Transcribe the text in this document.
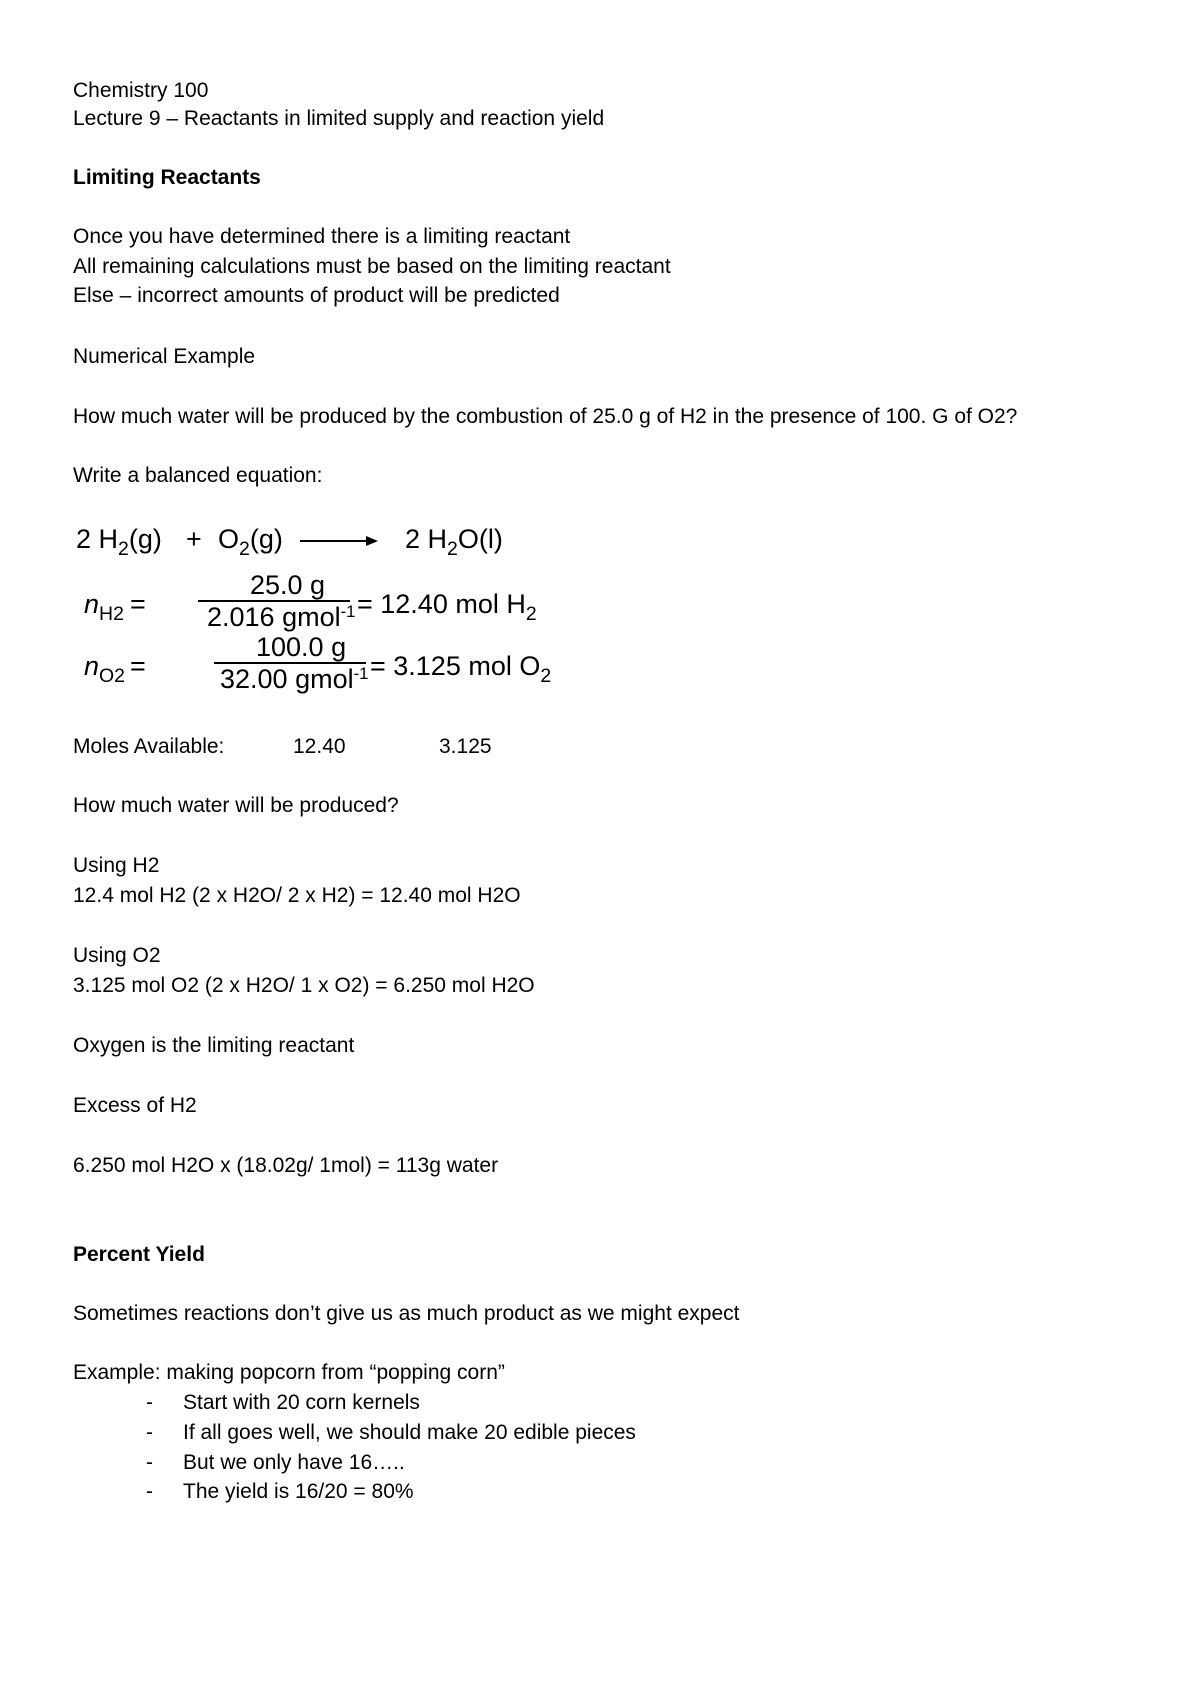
Chemistry 100
Lecture 9 – Reactants in limited supply and reaction yield
Limiting Reactants
Once you have determined there is a limiting reactant
All remaining calculations must be based on the limiting reactant
Else – incorrect amounts of product will be predicted
Numerical Example
How much water will be produced by the combustion of 25.0 g of H2 in the presence of 100. G of O2?
Write a balanced equation:
2 $H_2(g) + O_2(g)$	2 $H_2O(l)$
$n_{H2}$ =
25.0 g
2.016 gmol$^{-1}$ = 12.40 mol $H_2$
$n_{O2}$ =
100.0 g
32.00 gmol$^{-1}$ = 3.125 mol $O_2$
Moles Available:	12.40	3.125
How much water will be produced?
Using H2
12.4 mol H2 (2 x H2O/ 2 x H2) = 12.40 mol H2O
Using O2
3.125 mol O2 (2 x H2O/ 1 x O2) = 6.250 mol H2O
Oxygen is the limiting reactant
Excess of H2
6.250 mol H2O x (18.02g/ 1mol) = 113g water
Percent Yield
Sometimes reactions don’t give us as much product as we might expect
Example: making popcorn from “popping corn”
- Start with 20 corn kernels
- If all goes well, we should make 20 edible pieces
- But we only have 16…..
- The yield is 16/20 = 80%
